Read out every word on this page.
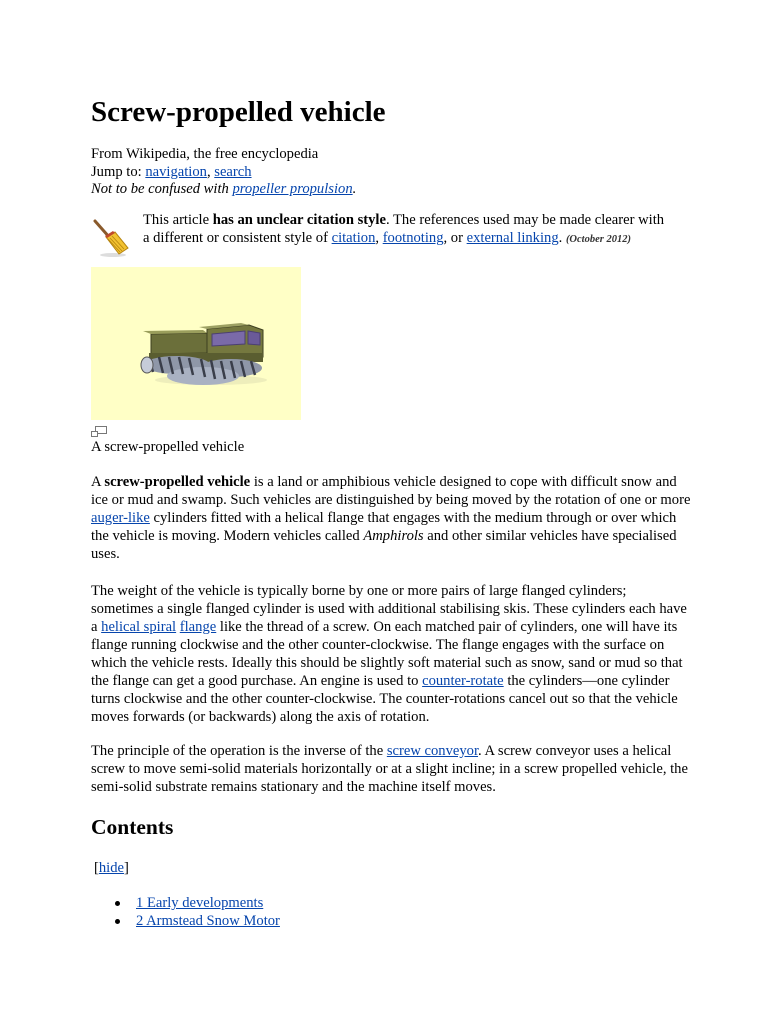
Screw-propelled vehicle
From Wikipedia, the free encyclopedia
Jump to: navigation, search
Not to be confused with propeller propulsion.
This article has an unclear citation style. The references used may be made clearer with a different or consistent style of citation, footnoting, or external linking. (October 2012)
A screw-propelled vehicle

A screw-propelled vehicle is a land or amphibious vehicle designed to cope with difficult snow and ice or mud and swamp. Such vehicles are distinguished by being moved by the rotation of one or more auger-like cylinders fitted with a helical flange that engages with the medium through or over which the vehicle is moving. Modern vehicles called Amphirols and other similar vehicles have specialised uses.

The weight of the vehicle is typically borne by one or more pairs of large flanged cylinders; sometimes a single flanged cylinder is used with additional stabilising skis. These cylinders each have a helical spiral flange like the thread of a screw. On each matched pair of cylinders, one will have its flange running clockwise and the other counter-clockwise. The flange engages with the surface on which the vehicle rests. Ideally this should be slightly soft material such as snow, sand or mud so that the flange can get a good purchase. An engine is used to counter-rotate the cylinders—one cylinder turns clockwise and the other counter-clockwise. The counter-rotations cancel out so that the vehicle moves forwards (or backwards) along the axis of rotation.

The principle of the operation is the inverse of the screw conveyor. A screw conveyor uses a helical screw to move semi-solid materials horizontally or at a slight incline; in a screw propelled vehicle, the semi-solid substrate remains stationary and the machine itself moves.

Contents
[hide]
1 Early developments
2 Armstead Snow Motor
